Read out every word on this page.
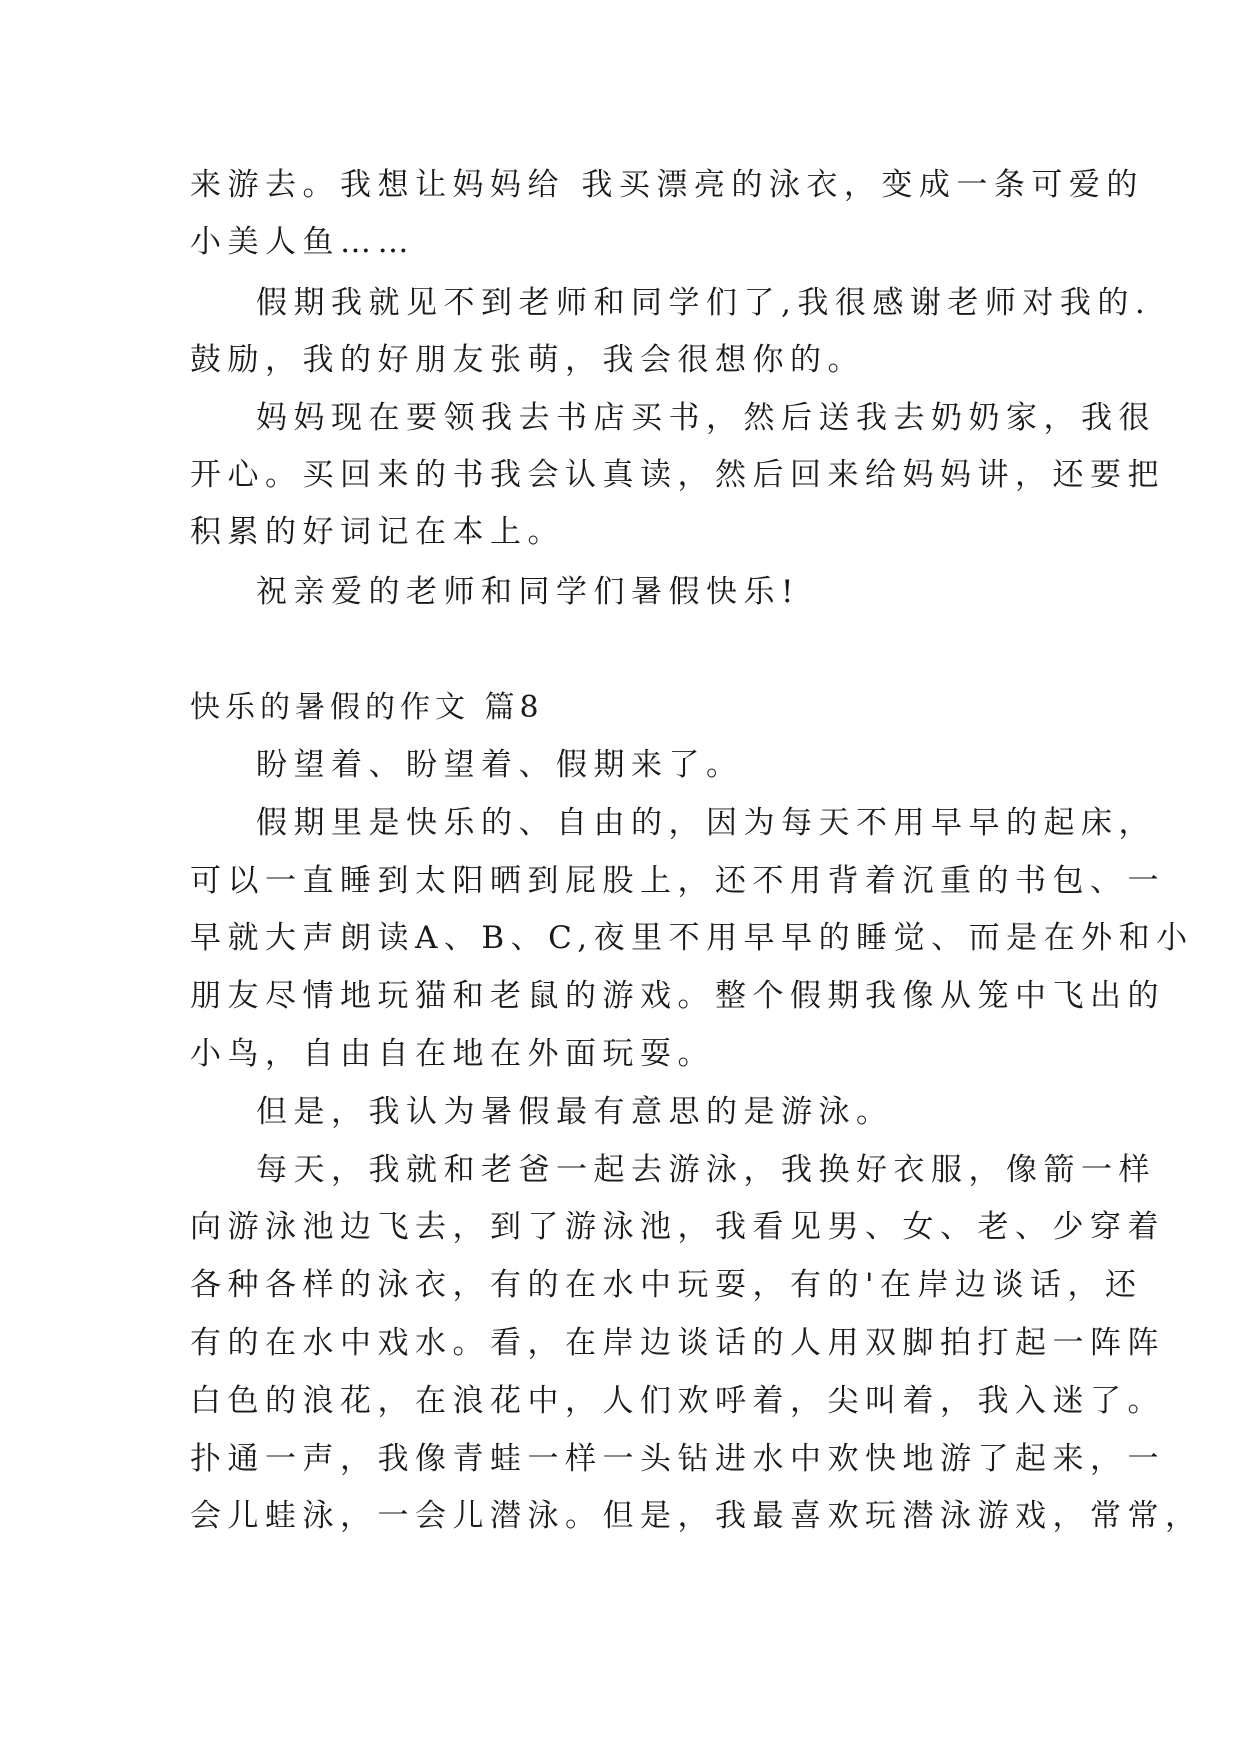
来游去。我想让妈妈给 我买漂亮的泳衣，变成一条可爱的

小美人鱼……

假期我就见不到老师和同学们了,我很感谢老师对我的.

鼓励，我的好朋友张萌，我会很想你的。

妈妈现在要领我去书店买书，然后送我去奶奶家，我很

开心。买回来的书我会认真读，然后回来给妈妈讲，还要把

积累的好词记在本上。

祝亲爱的老师和同学们暑假快乐!

快乐的暑假的作文 篇8

盼望着、盼望着、假期来了。

假期里是快乐的、自由的，因为每天不用早早的起床，

可以一直睡到太阳晒到屁股上，还不用背着沉重的书包、一

早就大声朗读A、B、C,夜里不用早早的睡觉、而是在外和小

朋友尽情地玩猫和老鼠的游戏。整个假期我像从笼中飞出的

小鸟，自由自在地在外面玩耍。

但是，我认为暑假最有意思的是游泳。

每天，我就和老爸一起去游泳，我换好衣服，像箭一样

向游泳池边飞去，到了游泳池，我看见男、女、老、少穿着

各种各样的泳衣，有的在水中玩耍，有的'在岸边谈话，还

有的在水中戏水。看，在岸边谈话的人用双脚拍打起一阵阵

白色的浪花，在浪花中，人们欢呼着，尖叫着，我入迷了。

扑通一声，我像青蛙一样一头钻进水中欢快地游了起来，一

会儿蛙泳，一会儿潜泳。但是，我最喜欢玩潜泳游戏，常常，
